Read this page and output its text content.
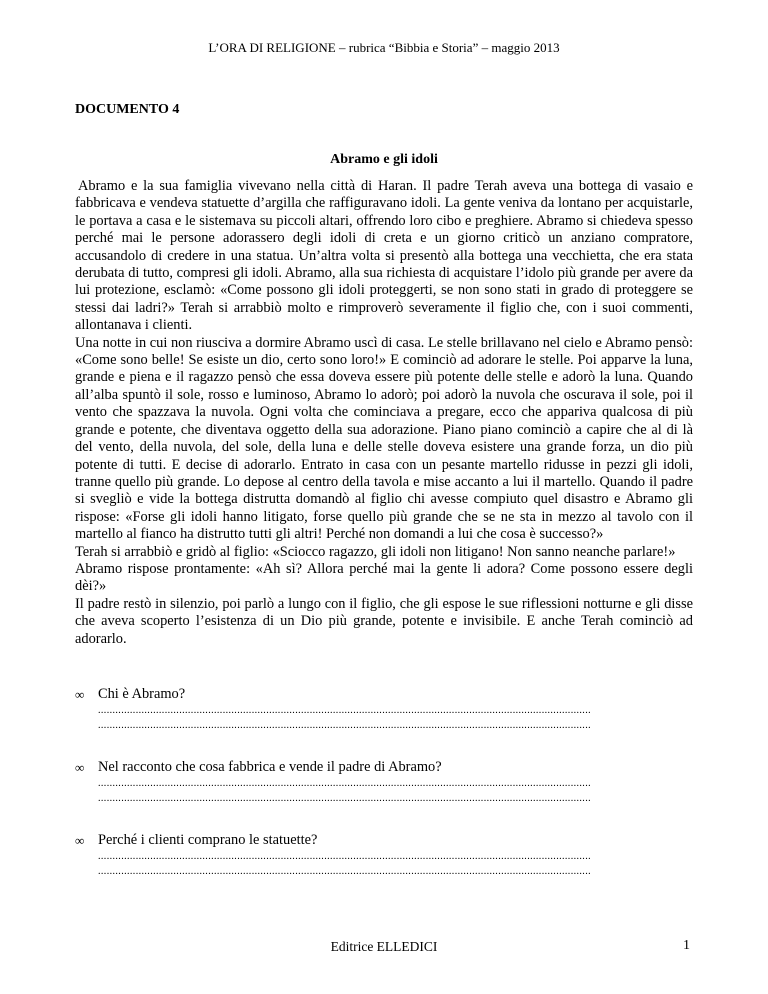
L’ORA DI RELIGIONE – rubrica “Bibbia e Storia” – maggio 2013
DOCUMENTO 4
Abramo e gli idoli

Abramo e la sua famiglia vivevano nella città di Haran. Il padre Terah aveva una bottega di vasaio e fabbricava e vendeva statuette d’argilla che raffiguravano idoli. La gente veniva da lontano per acquistarle, le portava a casa e le sistemava su piccoli altari, offrendo loro cibo e preghiere. Abramo si chiedeva spesso perché mai le persone adorassero degli idoli di creta e un giorno criticò un anziano compratore, accusandolo di credere in una statua. Un’altra volta si presentò alla bottega una vecchietta, che era stata derubata di tutto, compresi gli idoli. Abramo, alla sua richiesta di acquistare l’idolo più grande per avere da lui protezione, esclamò: «Come possono gli idoli proteggerti, se non sono stati in grado di proteggere se stessi dai ladri?» Terah si arrabbiò molto e rimproverò severamente il figlio che, con i suoi commenti, allontanava i clienti.

Una notte in cui non riusciva a dormire Abramo uscì di casa. Le stelle brillavano nel cielo e Abramo pensò: «Come sono belle! Se esiste un dio, certo sono loro!» E cominciò ad adorare le stelle. Poi apparve la luna, grande e piena e il ragazzo pensò che essa doveva essere più potente delle stelle e adorò la luna. Quando all’alba spuntò il sole, rosso e luminoso, Abramo lo adorò; poi adorò la nuvola che oscurava il sole, poi il vento che spazzava la nuvola. Ogni volta che cominciava a pregare, ecco che appariva qualcosa di più grande e potente, che diventava oggetto della sua adorazione. Piano piano cominciò a capire che al di là del vento, della nuvola, del sole, della luna e delle stelle doveva esistere una grande forza, un dio più potente di tutti. E decise di adorarlo. Entrato in casa con un pesante martello ridusse in pezzi gli idoli, tranne quello più grande. Lo depose al centro della tavola e mise accanto a lui il martello. Quando il padre si svegliò e vide la bottega distrutta domandò al figlio chi avesse compiuto quel disastro e Abramo gli rispose: «Forse gli idoli hanno litigato, forse quello più grande che se ne sta in mezzo al tavolo con il martello al fianco ha distrutto tutti gli altri! Perché non domandi a lui che cosa è successo?»

Terah si arrabbiò e gridò al figlio: «Sciocco ragazzo, gli idoli non litigano! Non sanno neanche parlare!»

Abramo rispose prontamente: «Ah sì? Allora perché mai la gente li adora? Come possono essere degli dèi?»

Il padre restò in silenzio, poi parlò a lungo con il figlio, che gli espose le sue riflessioni notturne e gli disse che aveva scoperto l’esistenza di un Dio più grande, potente e invisibile. E anche Terah cominciò ad adorarlo.

∞ Chi è Abramo?
..........................................................................................................................................................................
..........................................................................................................................................................................
∞ Nel racconto che cosa fabbrica e vende il padre di Abramo?
..........................................................................................................................................................................
..........................................................................................................................................................................
∞ Perché i clienti comprano le statuette?
..........................................................................................................................................................................
..........................................................................................................................................................................
Editrice ELLEDICI	1
